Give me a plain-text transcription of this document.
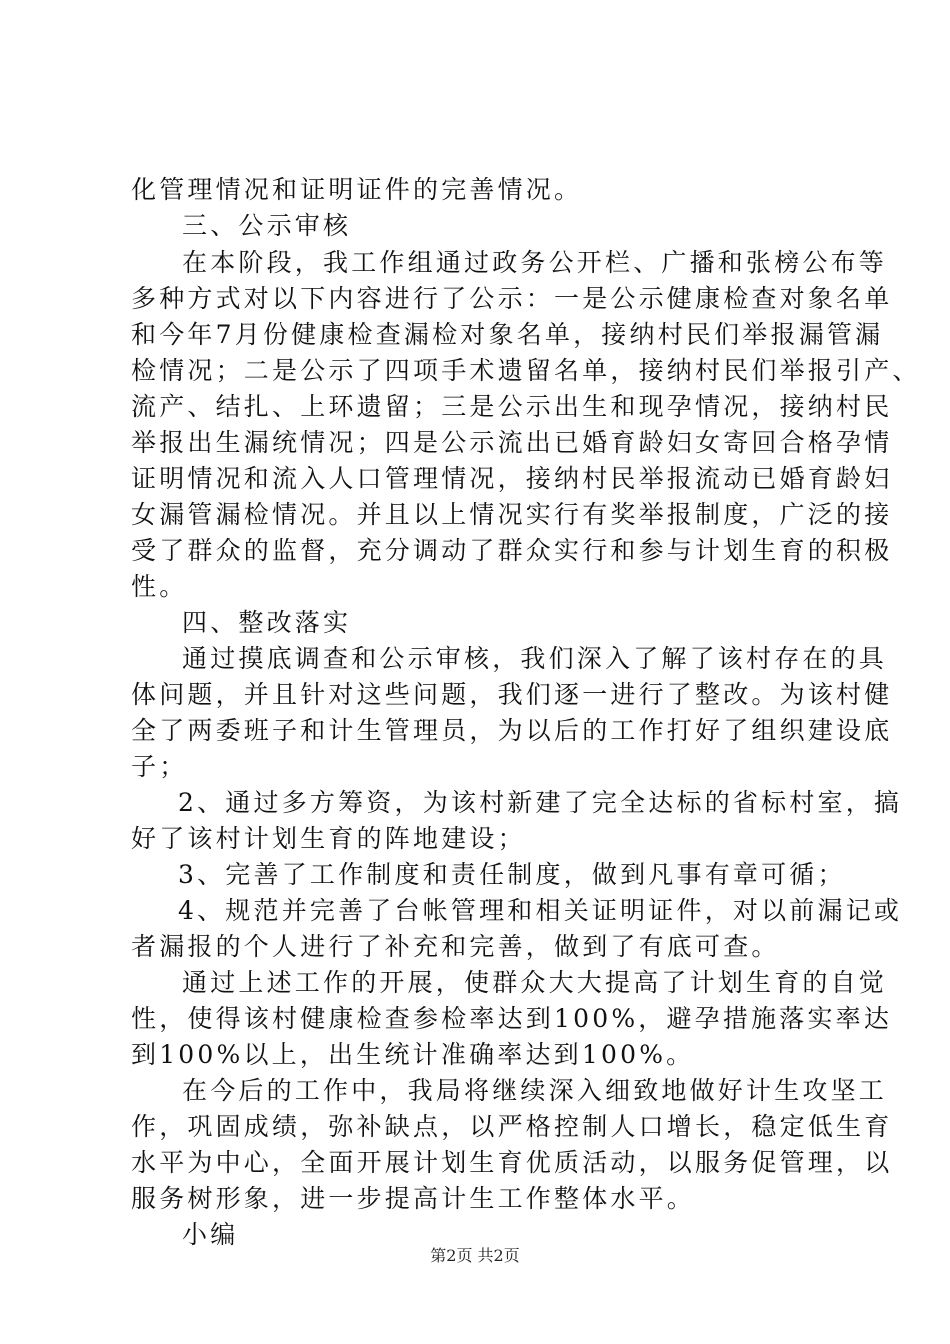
化管理情况和证明证件的完善情况。
三、公示审核
在本阶段，我工作组通过政务公开栏、广播和张榜公布等
多种方式对以下内容进行了公示：一是公示健康检查对象名单
和今年7月份健康检查漏检对象名单，接纳村民们举报漏管漏
检情况；二是公示了四项手术遗留名单，接纳村民们举报引产、
流产、结扎、上环遗留；三是公示出生和现孕情况，接纳村民
举报出生漏统情况；四是公示流出已婚育龄妇女寄回合格孕情
证明情况和流入人口管理情况，接纳村民举报流动已婚育龄妇
女漏管漏检情况。并且以上情况实行有奖举报制度，广泛的接
受了群众的监督，充分调动了群众实行和参与计划生育的积极
性。
四、整改落实
通过摸底调查和公示审核，我们深入了解了该村存在的具
体问题，并且针对这些问题，我们逐一进行了整改。为该村健
全了两委班子和计生管理员，为以后的工作打好了组织建设底
子；
2、通过多方筹资，为该村新建了完全达标的省标村室，搞
好了该村计划生育的阵地建设；
3、完善了工作制度和责任制度，做到凡事有章可循；
4、规范并完善了台帐管理和相关证明证件，对以前漏记或
者漏报的个人进行了补充和完善，做到了有底可查。
通过上述工作的开展，使群众大大提高了计划生育的自觉
性，使得该村健康检查参检率达到100%，避孕措施落实率达
到100%以上，出生统计准确率达到100%。
在今后的工作中，我局将继续深入细致地做好计生攻坚工
作，巩固成绩，弥补缺点，以严格控制人口增长，稳定低生育
水平为中心，全面开展计划生育优质活动，以服务促管理，以
服务树形象，进一步提高计生工作整体水平。
小编
第2页 共2页
